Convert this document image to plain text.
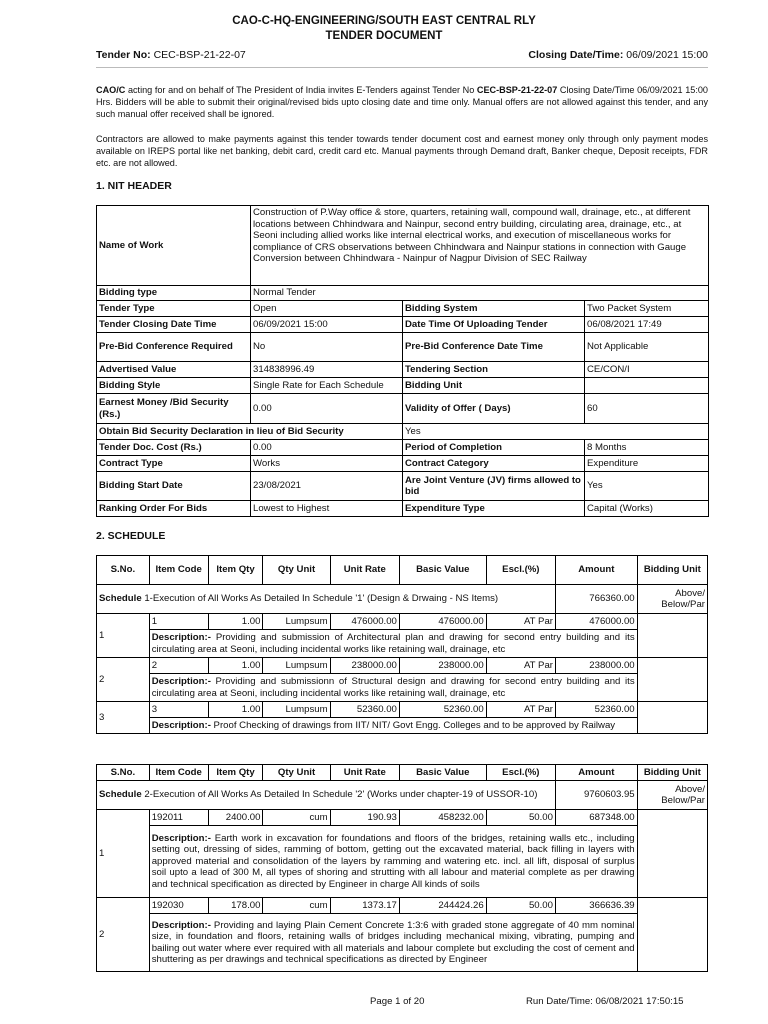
CAO-C-HQ-ENGINEERING/SOUTH EAST CENTRAL RLY
TENDER DOCUMENT
Tender No: CEC-BSP-21-22-07	Closing Date/Time: 06/09/2021 15:00
CAO/C acting for and on behalf of The President of India invites E-Tenders against Tender No CEC-BSP-21-22-07 Closing Date/Time 06/09/2021 15:00 Hrs. Bidders will be able to submit their original/revised bids upto closing date and time only. Manual offers are not allowed against this tender, and any such manual offer received shall be ignored.
Contractors are allowed to make payments against this tender towards tender document cost and earnest money only through only payment modes available on IREPS portal like net banking, debit card, credit card etc. Manual payments through Demand draft, Banker cheque, Deposit receipts, FDR etc. are not allowed.
1. NIT HEADER
Name of Work	Construction of P.Way office & store, quarters, retaining wall, compound wall, drainage, etc., at different locations between Chhindwara and Nainpur, second entry building, circulating area, drainage, etc., at Seoni including allied works like internal electrical works, and execution of miscellaneous works for compliance of CRS observations between Chhindwara and Nainpur stations in connection with Gauge Conversion between Chhindwara - Nainpur of Nagpur Division of SEC Railway		
Bidding type	Normal Tender		
Tender Type	Open	Bidding System	Two Packet System
Tender Closing Date Time	06/09/2021 15:00	Date Time Of Uploading Tender	06/08/2021 17:49
Pre-Bid Conference Required	No	Pre-Bid Conference Date Time	Not Applicable
Advertised Value	314838996.49	Tendering Section	CE/CON/I
Bidding Style	Single Rate for Each Schedule	Bidding Unit	
Earnest Money /Bid Security (Rs.)	0.00	Validity of Offer ( Days)	60
Obtain Bid Security Declaration in lieu of Bid Security		Yes	
Tender Doc. Cost (Rs.)	0.00	Period of Completion	8 Months
Contract Type	Works	Contract Category	Expenditure
Bidding Start Date	23/08/2021	Are Joint Venture (JV) firms allowed to bid	Yes
Ranking Order For Bids	Lowest to Highest	Expenditure Type	Capital (Works)
2. SCHEDULE
S.No.	Item Code	Item Qty	Qty Unit	Unit Rate	Basic Value	Escl.(%)	Amount	Bidding Unit
Schedule 1-Execution of All Works As Detailed In Schedule '1' (Design & Drwaing - NS Items)							766360.00	Above/ Below/Par
1	1	1.00	Lumpsum	476000.00	476000.00	AT Par	476000.00	
	Description:- Providing and submission of Architectural plan and drawing for second entry building and its circulating area at Seoni, including incidental works like retaining wall, drainage, etc							
2	2	1.00	Lumpsum	238000.00	238000.00	AT Par	238000.00	
	Description:- Providing and submissionn of Structural design and drawing for second entry building and its circulating area at Seoni, including incidental works like retaining wall, drainage, etc							
3	3	1.00	Lumpsum	52360.00	52360.00	AT Par	52360.00	
	Description:- Proof Checking of drawings from IIT/ NIT/ Govt Engg. Colleges and to be approved by Railway							
S.No.	Item Code	Item Qty	Qty Unit	Unit Rate	Basic Value	Escl.(%)	Amount	Bidding Unit
Schedule 2-Execution of All Works As Detailed In Schedule '2' (Works under chapter-19 of USSOR-10)							9760603.95	Above/ Below/Par
1	192011	2400.00	cum	190.93	458232.00	50.00	687348.00	
	Description:- Earth work in excavation for foundations and floors of the bridges, retaining walls etc., including setting out, dressing of sides, ramming of bottom, getting out the excavated material, back filling in layers with approved material and consolidation of the layers by ramming and watering etc. incl. all lift, disposal of surplus soil upto a lead of 300 M, all types of shoring and strutting with all labour and material complete as per drawing and technical specification as directed by Engineer in charge All kinds of soils							
2	192030	178.00	cum	1373.17	244424.26	50.00	366636.39	
	Description:- Providing and laying Plain Cement Concrete 1:3:6 with graded stone aggregate of 40 mm nominal size, in foundation and floors, retaining walls of bridges including mechanical mixing, vibrating, pumping and bailing out water where ever required with all materials and labour complete but excluding the cost of cement and shuttering as per drawings and technical specifications as directed by Engineer							
Page 1 of 20	Run Date/Time: 06/08/2021 17:50:15
